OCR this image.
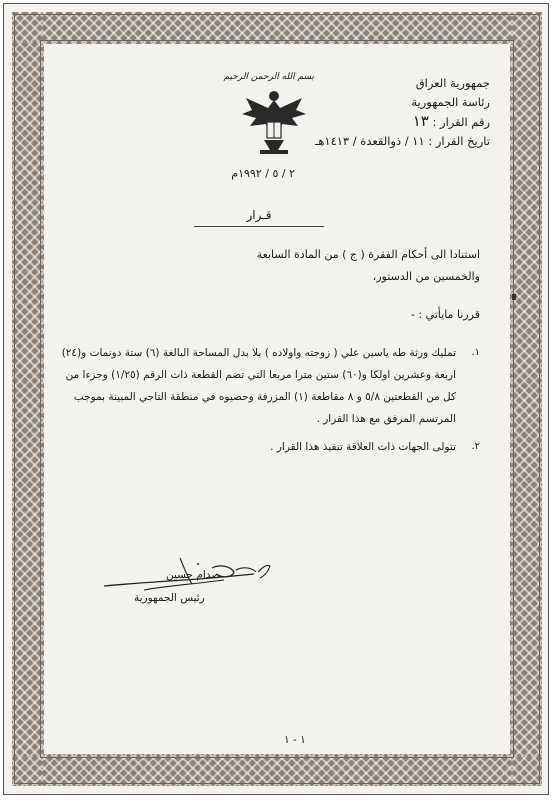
جمهورية العراق
رئاسة الجمهورية
رقم القرار : ١٣
تاريخ القرار : ١١ / ذوالقعدة / ١٤١٣هـ
بسم الله الرحمن الرحيم
٢ / ٥ / ١٩٩٢م
قـرار
استنادا الى أحكام الفقرة ( ج ) من المادة السابعة
والخمسين من الدستور،
قررنا مايأتي : -
١.
تمليك ورثة طه ياسين علي ( زوجته واولاده ) بلا بدل المساحة البالغة (٦) ستة دونمات و(٢٤) اربعة وعشرين اولكا و(٦٠) ستين مترا مربعا التي تضم القطعة ذات الرقم (١/٢٥) وجزءا من كل من القطعتين ٥/٨ و ٨ مقاطعة (١) المزرفة وحصيوه في منطقة التاجي المبينة بموجب المرتسم المرفق مع هذا القرار .
٢.
تتولى الجهات ذات العلاقة تنفيذ هذا القرار .
صدام حسين
رئيس الجمهورية
١ - ١
